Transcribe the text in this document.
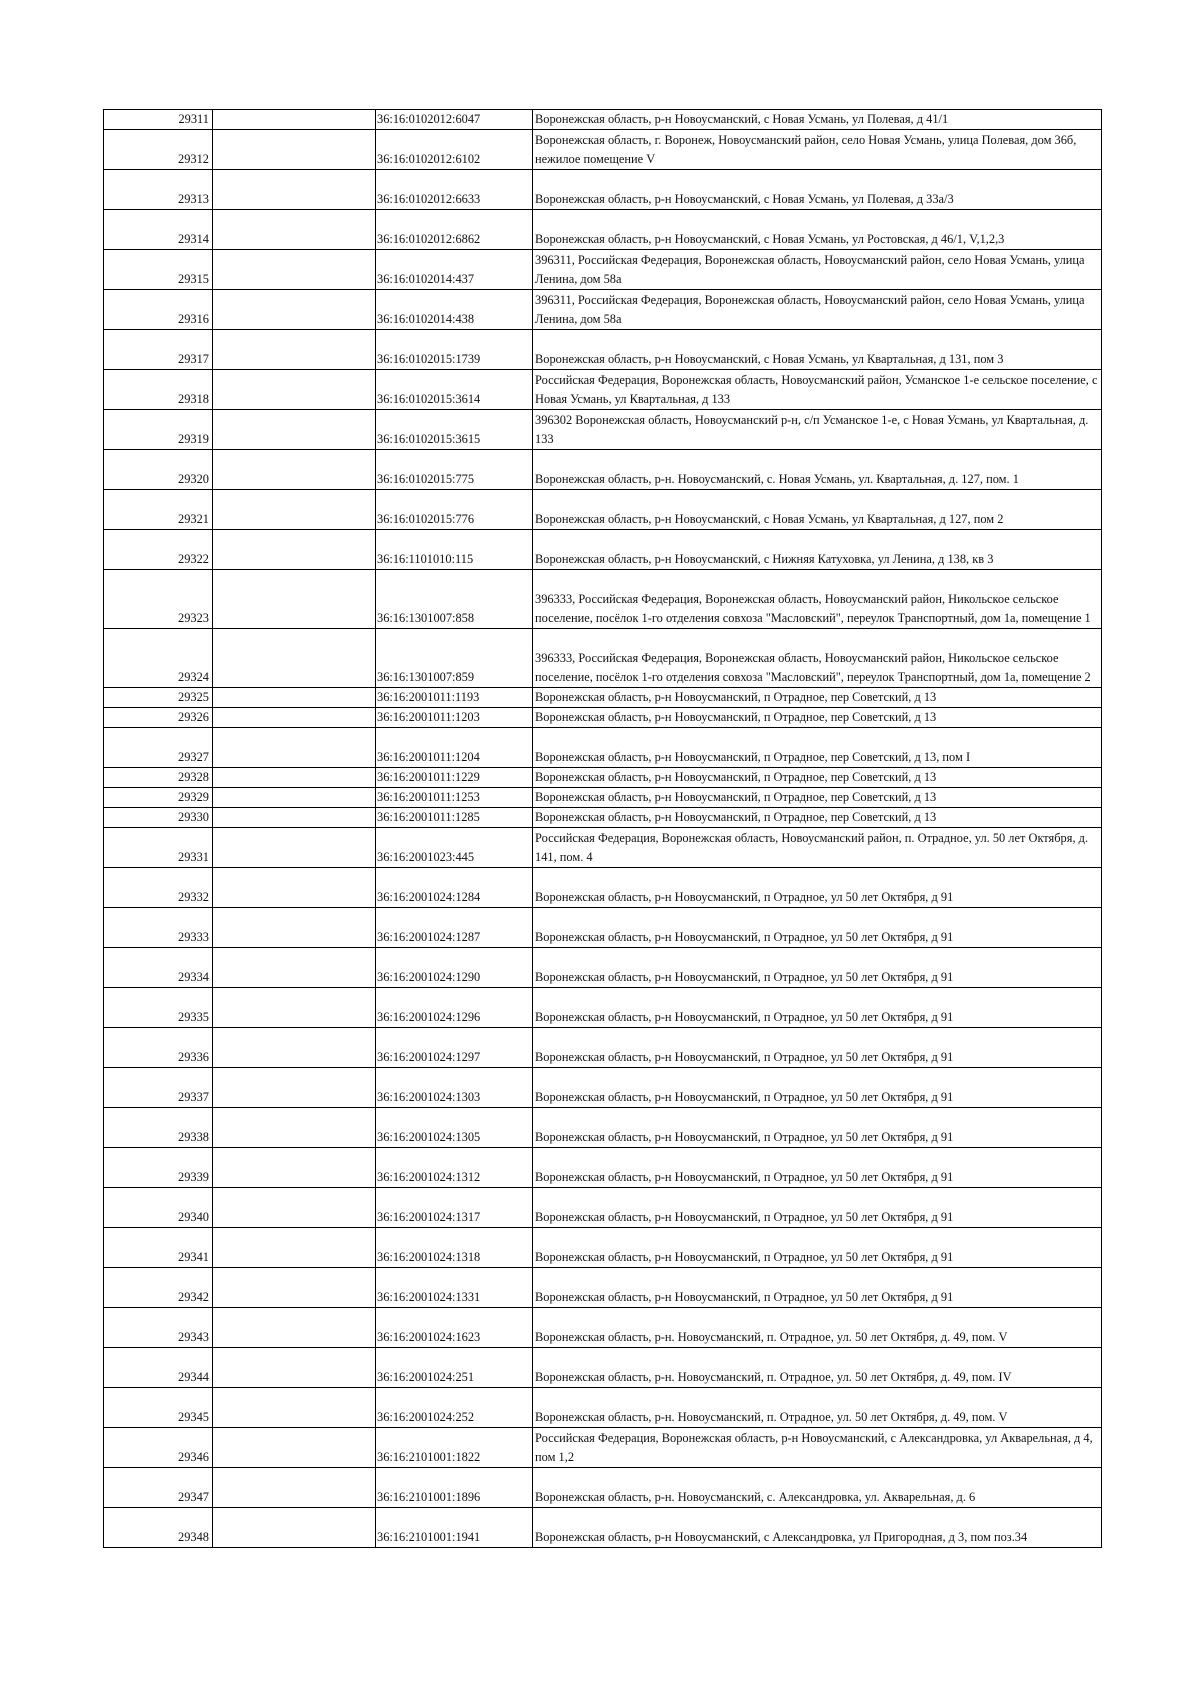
29311		36:16:0102012:6047	Воронежская область, р-н Новоусманский, с Новая Усмань, ул Полевая, д 41/1
29312		36:16:0102012:6102	Воронежская область, г. Воронеж, Новоусманский район, село Новая Усмань, улица Полевая, дом 36б, нежилое помещение V
29313		36:16:0102012:6633	Воронежская область, р-н Новоусманский, с Новая Усмань, ул Полевая, д 33а/3
29314		36:16:0102012:6862	Воронежская область, р-н Новоусманский, с Новая Усмань, ул Ростовская, д 46/1, V,1,2,3
29315		36:16:0102014:437	396311, Российская Федерация, Воронежская область, Новоусманский район, село Новая Усмань, улица Ленина, дом 58а
29316		36:16:0102014:438	396311, Российская Федерация, Воронежская область, Новоусманский район, село Новая Усмань, улица Ленина, дом 58а
29317		36:16:0102015:1739	Воронежская область, р-н Новоусманский, с Новая Усмань, ул Квартальная, д 131, пом 3
29318		36:16:0102015:3614	Российская Федерация, Воронежская область, Новоусманский район, Усманское 1-е сельское поселение, с Новая Усмань, ул Квартальная, д 133
29319		36:16:0102015:3615	396302 Воронежская область, Новоусманский р-н, с/п Усманское 1-е, с Новая Усмань, ул Квартальная, д. 133
29320		36:16:0102015:775	Воронежская область, р-н. Новоусманский, с. Новая Усмань, ул. Квартальная, д. 127, пом. 1
29321		36:16:0102015:776	Воронежская область, р-н Новоусманский, с Новая Усмань, ул Квартальная, д 127, пом 2
29322		36:16:1101010:115	Воронежская область, р-н Новоусманский, с Нижняя Катуховка, ул Ленина, д 138, кв 3
29323		36:16:1301007:858	396333, Российская Федерация, Воронежская область, Новоусманский район, Никольское сельское поселение, посёлок 1-го отделения совхоза "Масловский", переулок Транспортный, дом 1а, помещение 1
29324		36:16:1301007:859	396333, Российская Федерация, Воронежская область, Новоусманский район, Никольское сельское поселение, посёлок 1-го отделения совхоза "Масловский", переулок Транспортный, дом 1а, помещение 2
29325		36:16:2001011:1193	Воронежская область, р-н Новоусманский, п Отрадное, пер Советский, д 13
29326		36:16:2001011:1203	Воронежская область, р-н Новоусманский, п Отрадное, пер Советский, д 13
29327		36:16:2001011:1204	Воронежская область, р-н Новоусманский, п Отрадное, пер Советский, д 13, пом I
29328		36:16:2001011:1229	Воронежская область, р-н Новоусманский, п Отрадное, пер Советский, д 13
29329		36:16:2001011:1253	Воронежская область, р-н Новоусманский, п Отрадное, пер Советский, д 13
29330		36:16:2001011:1285	Воронежская область, р-н Новоусманский, п Отрадное, пер Советский, д 13
29331		36:16:2001023:445	Российская Федерация, Воронежская область, Новоусманский район, п. Отрадное, ул. 50 лет Октября, д. 141, пом. 4
29332		36:16:2001024:1284	Воронежская область, р-н Новоусманский, п Отрадное, ул 50 лет Октября, д 91
29333		36:16:2001024:1287	Воронежская область, р-н Новоусманский, п Отрадное, ул 50 лет Октября, д 91
29334		36:16:2001024:1290	Воронежская область, р-н Новоусманский, п Отрадное, ул 50 лет Октября, д 91
29335		36:16:2001024:1296	Воронежская область, р-н Новоусманский, п Отрадное, ул 50 лет Октября, д 91
29336		36:16:2001024:1297	Воронежская область, р-н Новоусманский, п Отрадное, ул 50 лет Октября, д 91
29337		36:16:2001024:1303	Воронежская область, р-н Новоусманский, п Отрадное, ул 50 лет Октября, д 91
29338		36:16:2001024:1305	Воронежская область, р-н Новоусманский, п Отрадное, ул 50 лет Октября, д 91
29339		36:16:2001024:1312	Воронежская область, р-н Новоусманский, п Отрадное, ул 50 лет Октября, д 91
29340		36:16:2001024:1317	Воронежская область, р-н Новоусманский, п Отрадное, ул 50 лет Октября, д 91
29341		36:16:2001024:1318	Воронежская область, р-н Новоусманский, п Отрадное, ул 50 лет Октября, д 91
29342		36:16:2001024:1331	Воронежская область, р-н Новоусманский, п Отрадное, ул 50 лет Октября, д 91
29343		36:16:2001024:1623	Воронежская область, р-н. Новоусманский, п. Отрадное, ул. 50 лет Октября, д. 49, пом. V
29344		36:16:2001024:251	Воронежская область, р-н. Новоусманский, п. Отрадное, ул. 50 лет Октября, д. 49, пом. IV
29345		36:16:2001024:252	Воронежская область, р-н. Новоусманский, п. Отрадное, ул. 50 лет Октября, д. 49, пом. V
29346		36:16:2101001:1822	Российская Федерация, Воронежская область, р-н Новоусманский, с Александровка, ул Акварельная, д 4, пом 1,2
29347		36:16:2101001:1896	Воронежская область, р-н. Новоусманский, с. Александровка, ул. Акварельная, д. 6
29348		36:16:2101001:1941	Воронежская область, р-н Новоусманский, с Александровка, ул Пригородная, д 3, пом поз.34
